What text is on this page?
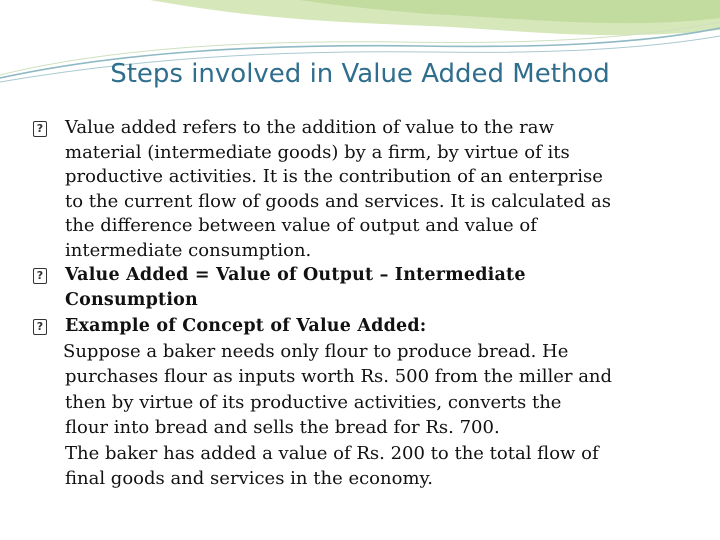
Steps involved in Value Added Method
? Value added refers to the addition of value to the raw
material (intermediate goods) by a firm, by virtue of its
productive activities. It is the contribution of an enterprise
to the current flow of goods and services. It is calculated as
the difference between value of output and value of
intermediate consumption.
? Value Added = Value of Output – Intermediate
Consumption
? Example of Concept of Value Added:
Suppose a baker needs only flour to produce bread. He
purchases flour as inputs worth Rs. 500 from the miller and
then by virtue of its productive activities, converts the
flour into bread and sells the bread for Rs. 700.
The baker has added a value of Rs. 200 to the total flow of
final goods and services in the economy.
